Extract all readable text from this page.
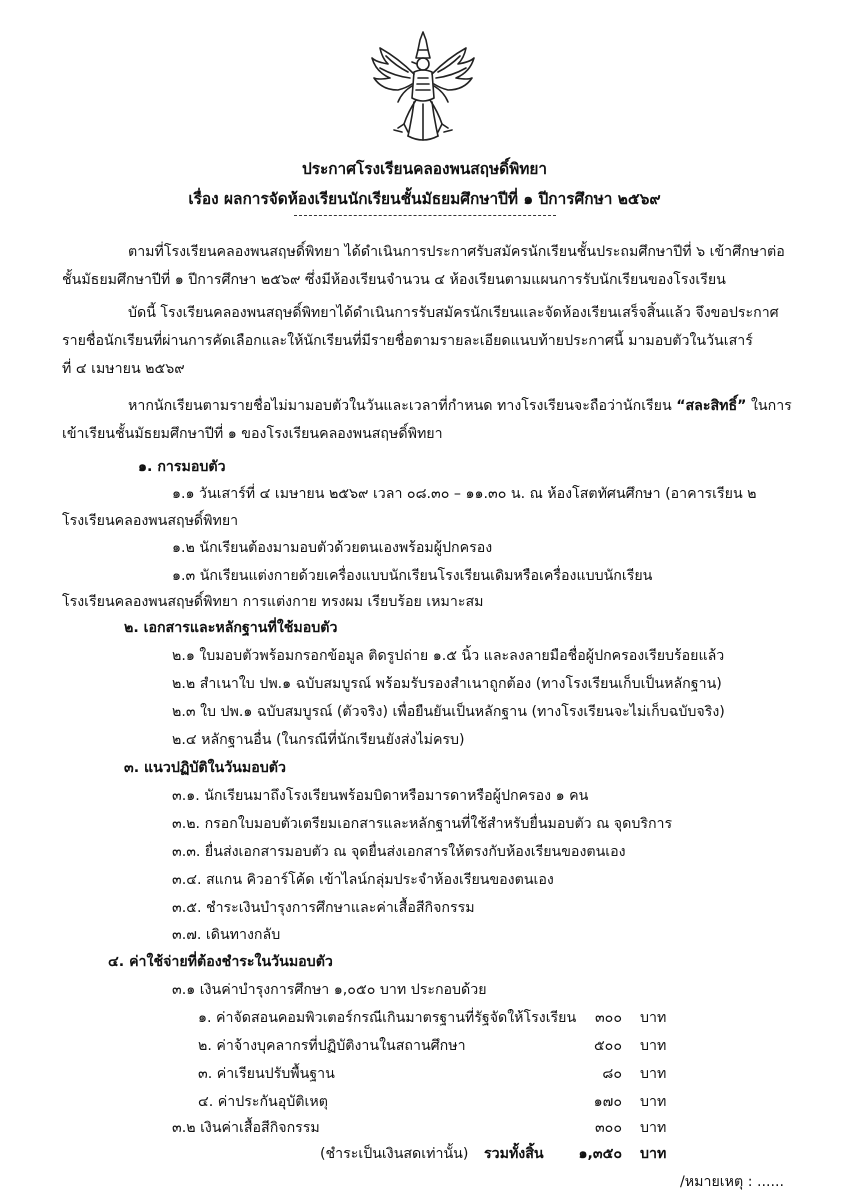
ประกาศโรงเรียนคลองพนสฤษดิ์พิทยา
เรื่อง ผลการจัดห้องเรียนนักเรียนชั้นมัธยมศึกษาปีที่ ๑ ปีการศึกษา ๒๕๖๙
ตามที่โรงเรียนคลองพนสฤษดิ์พิทยา ได้ดำเนินการประกาศรับสมัครนักเรียนชั้นประถมศึกษาปีที่ ๖ เข้าศึกษาต่อ
ชั้นมัธยมศึกษาปีที่ ๑ ปีการศึกษา ๒๕๖๙ ซึ่งมีห้องเรียนจำนวน ๔ ห้องเรียนตามแผนการรับนักเรียนของโรงเรียน
บัดนี้ โรงเรียนคลองพนสฤษดิ์พิทยาได้ดำเนินการรับสมัครนักเรียนและจัดห้องเรียนเสร็จสิ้นแล้ว จึงขอประกาศ
รายชื่อนักเรียนที่ผ่านการคัดเลือกและให้นักเรียนที่มีรายชื่อตามรายละเอียดแนบท้ายประกาศนี้ มามอบตัวในวันเสาร์
ที่ ๔ เมษายน ๒๕๖๙
หากนักเรียนตามรายชื่อไม่มามอบตัวในวันและเวลาที่กำหนด ทางโรงเรียนจะถือว่านักเรียน “สละสิทธิ์” ในการ
เข้าเรียนชั้นมัธยมศึกษาปีที่ ๑ ของโรงเรียนคลองพนสฤษดิ์พิทยา
๑. การมอบตัว
๑.๑ วันเสาร์ที่ ๔ เมษายน ๒๕๖๙ เวลา ๐๘.๓๐ – ๑๑.๓๐ น. ณ ห้องโสตทัศนศึกษา (อาคารเรียน ๒
โรงเรียนคลองพนสฤษดิ์พิทยา
๑.๒ นักเรียนต้องมามอบตัวด้วยตนเองพร้อมผู้ปกครอง
๑.๓ นักเรียนแต่งกายด้วยเครื่องแบบนักเรียนโรงเรียนเดิมหรือเครื่องแบบนักเรียน
โรงเรียนคลองพนสฤษดิ์พิทยา การแต่งกาย ทรงผม เรียบร้อย เหมาะสม
๒. เอกสารและหลักฐานที่ใช้มอบตัว
๒.๑ ใบมอบตัวพร้อมกรอกข้อมูล ติดรูปถ่าย ๑.๕ นิ้ว และลงลายมือชื่อผู้ปกครองเรียบร้อยแล้ว
๒.๒ สำเนาใบ ปพ.๑ ฉบับสมบูรณ์ พร้อมรับรองสำเนาถูกต้อง (ทางโรงเรียนเก็บเป็นหลักฐาน)
๒.๓ ใบ ปพ.๑ ฉบับสมบูรณ์ (ตัวจริง) เพื่อยืนยันเป็นหลักฐาน (ทางโรงเรียนจะไม่เก็บฉบับจริง)
๒.๔ หลักฐานอื่น (ในกรณีที่นักเรียนยังส่งไม่ครบ)
๓. แนวปฏิบัติในวันมอบตัว
๓.๑. นักเรียนมาถึงโรงเรียนพร้อมบิดาหรือมารดาหรือผู้ปกครอง ๑ คน
๓.๒. กรอกใบมอบตัวเตรียมเอกสารและหลักฐานที่ใช้สำหรับยื่นมอบตัว ณ จุดบริการ
๓.๓. ยื่นส่งเอกสารมอบตัว ณ จุดยื่นส่งเอกสารให้ตรงกับห้องเรียนของตนเอง
๓.๔. สแกน คิวอาร์โค้ด เข้าไลน์กลุ่มประจำห้องเรียนของตนเอง
๓.๕. ชำระเงินบำรุงการศึกษาและค่าเสื้อสีกิจกรรม
๓.๗. เดินทางกลับ
๔. ค่าใช้จ่ายที่ต้องชำระในวันมอบตัว
๓.๑ เงินค่าบำรุงการศึกษา ๑,๐๕๐ บาท ประกอบด้วย
๑. ค่าจัดสอนคอมพิวเตอร์กรณีเกินมาตรฐานที่รัฐจัดให้โรงเรียน	๓๐๐ บาท
๒. ค่าจ้างบุคลากรที่ปฏิบัติงานในสถานศึกษา	๕๐๐ บาท
๓. ค่าเรียนปรับพื้นฐาน	๘๐ บาท
๔. ค่าประกันอุบัติเหตุ	๑๗๐ บาท
๓.๒ เงินค่าเสื้อสีกิจกรรม	๓๐๐ บาท
(ชำระเป็นเงินสดเท่านั้น) รวมทั้งสิ้น	๑,๓๕๐ บาท
/หมายเหตุ : ......
